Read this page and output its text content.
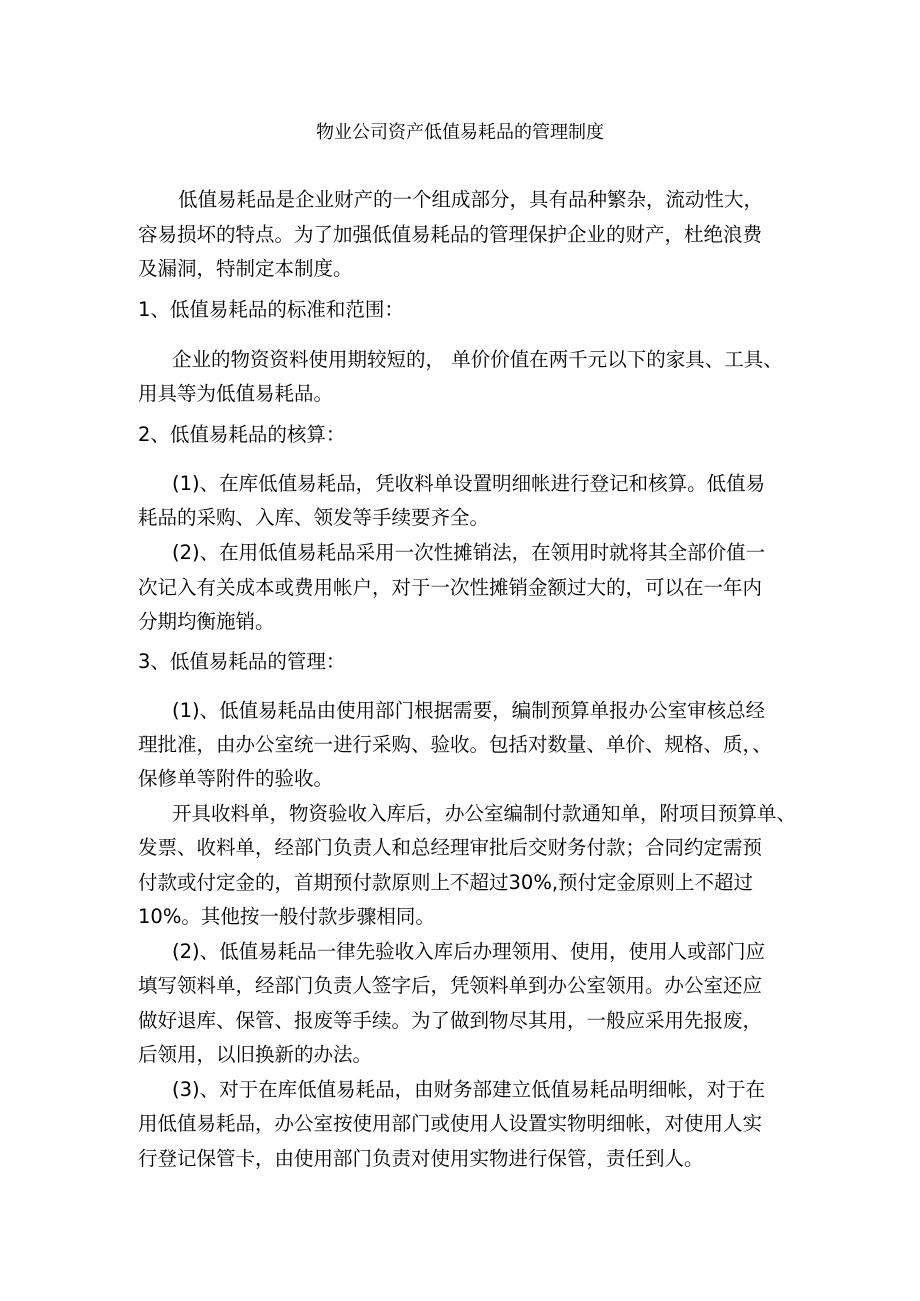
物业公司资产低值易耗品的管理制度

低值易耗品是企业财产的一个组成部分，具有品种繁杂，流动性大，

容易损坏的特点。为了加强低值易耗品的管理保护企业的财产，杜绝浪费

及漏洞，特制定本制度。

1、低值易耗品的标准和范围：

企业的物资资料使用期较短的， 单价价值在两千元以下的家具、工具、

用具等为低值易耗品。

2、低值易耗品的核算：

(1)、在库低值易耗品，凭收料单设置明细帐进行登记和核算。低值易

耗品的采购、入库、领发等手续要齐全。

(2)、在用低值易耗品采用一次性摊销法，在领用时就将其全部价值一

次记入有关成本或费用帐户，对于一次性摊销金额过大的，可以在一年内

分期均衡施销。

3、低值易耗品的管理：

(1)、低值易耗品由使用部门根据需要，编制预算单报办公室审核总经

理批准，由办公室统一进行采购、验收。包括对数量、单价、规格、质，、

保修单等附件的验收。

开具收料单，物资验收入库后，办公室编制付款通知单，附项目预算单、

发票、收料单，经部门负责人和总经理审批后交财务付款；合同约定需预

付款或付定金的，首期预付款原则上不超过30%,预付定金原则上不超过

10%。其他按一般付款步骤相同。

(2)、低值易耗品一律先验收入库后办理领用、使用，使用人或部门应

填写领料单，经部门负责人签字后，凭领料单到办公室领用。办公室还应

做好退库、保管、报废等手续。为了做到物尽其用，一般应采用先报废，

后领用，以旧换新的办法。

(3)、对于在库低值易耗品，由财务部建立低值易耗品明细帐，对于在

用低值易耗品，办公室按使用部门或使用人设置实物明细帐，对使用人实

行登记保管卡，由使用部门负责对使用实物进行保管，责任到人。
